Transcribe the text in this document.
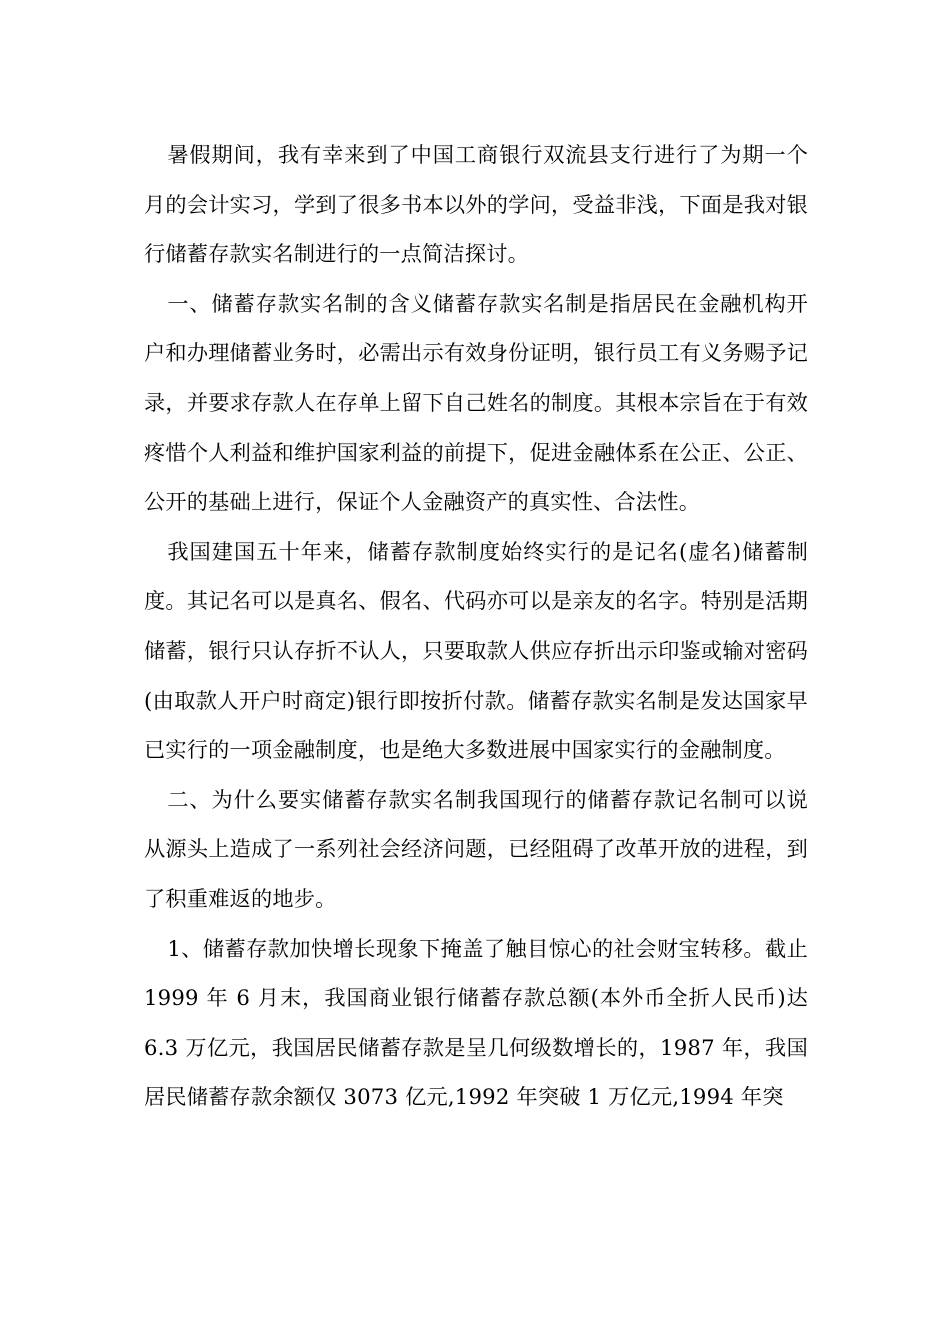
暑假期间，我有幸来到了中国工商银行双流县支行进行了为期一个月的会计实习，学到了很多书本以外的学问，受益非浅，下面是我对银行储蓄存款实名制进行的一点简洁探讨。

一、储蓄存款实名制的含义储蓄存款实名制是指居民在金融机构开户和办理储蓄业务时，必需出示有效身份证明，银行员工有义务赐予记录，并要求存款人在存单上留下自己姓名的制度。其根本宗旨在于有效疼惜个人利益和维护国家利益的前提下，促进金融体系在公正、公正、公开的基础上进行，保证个人金融资产的真实性、合法性。

我国建国五十年来，储蓄存款制度始终实行的是记名(虚名)储蓄制度。其记名可以是真名、假名、代码亦可以是亲友的名字。特别是活期储蓄，银行只认存折不认人，只要取款人供应存折出示印鉴或输对密码(由取款人开户时商定)银行即按折付款。储蓄存款实名制是发达国家早已实行的一项金融制度，也是绝大多数进展中国家实行的金融制度。

二、为什么要实储蓄存款实名制我国现行的储蓄存款记名制可以说从源头上造成了一系列社会经济问题，已经阻碍了改革开放的进程，到了积重难返的地步。

1、储蓄存款加快增长现象下掩盖了触目惊心的社会财宝转移。截止 1999 年 6 月末，我国商业银行储蓄存款总额(本外币全折人民币)达 6.3 万亿元，我国居民储蓄存款是呈几何级数增长的，1987 年，我国居民储蓄存款余额仅 3073 亿元,1992 年突破 1 万亿元,1994 年突
